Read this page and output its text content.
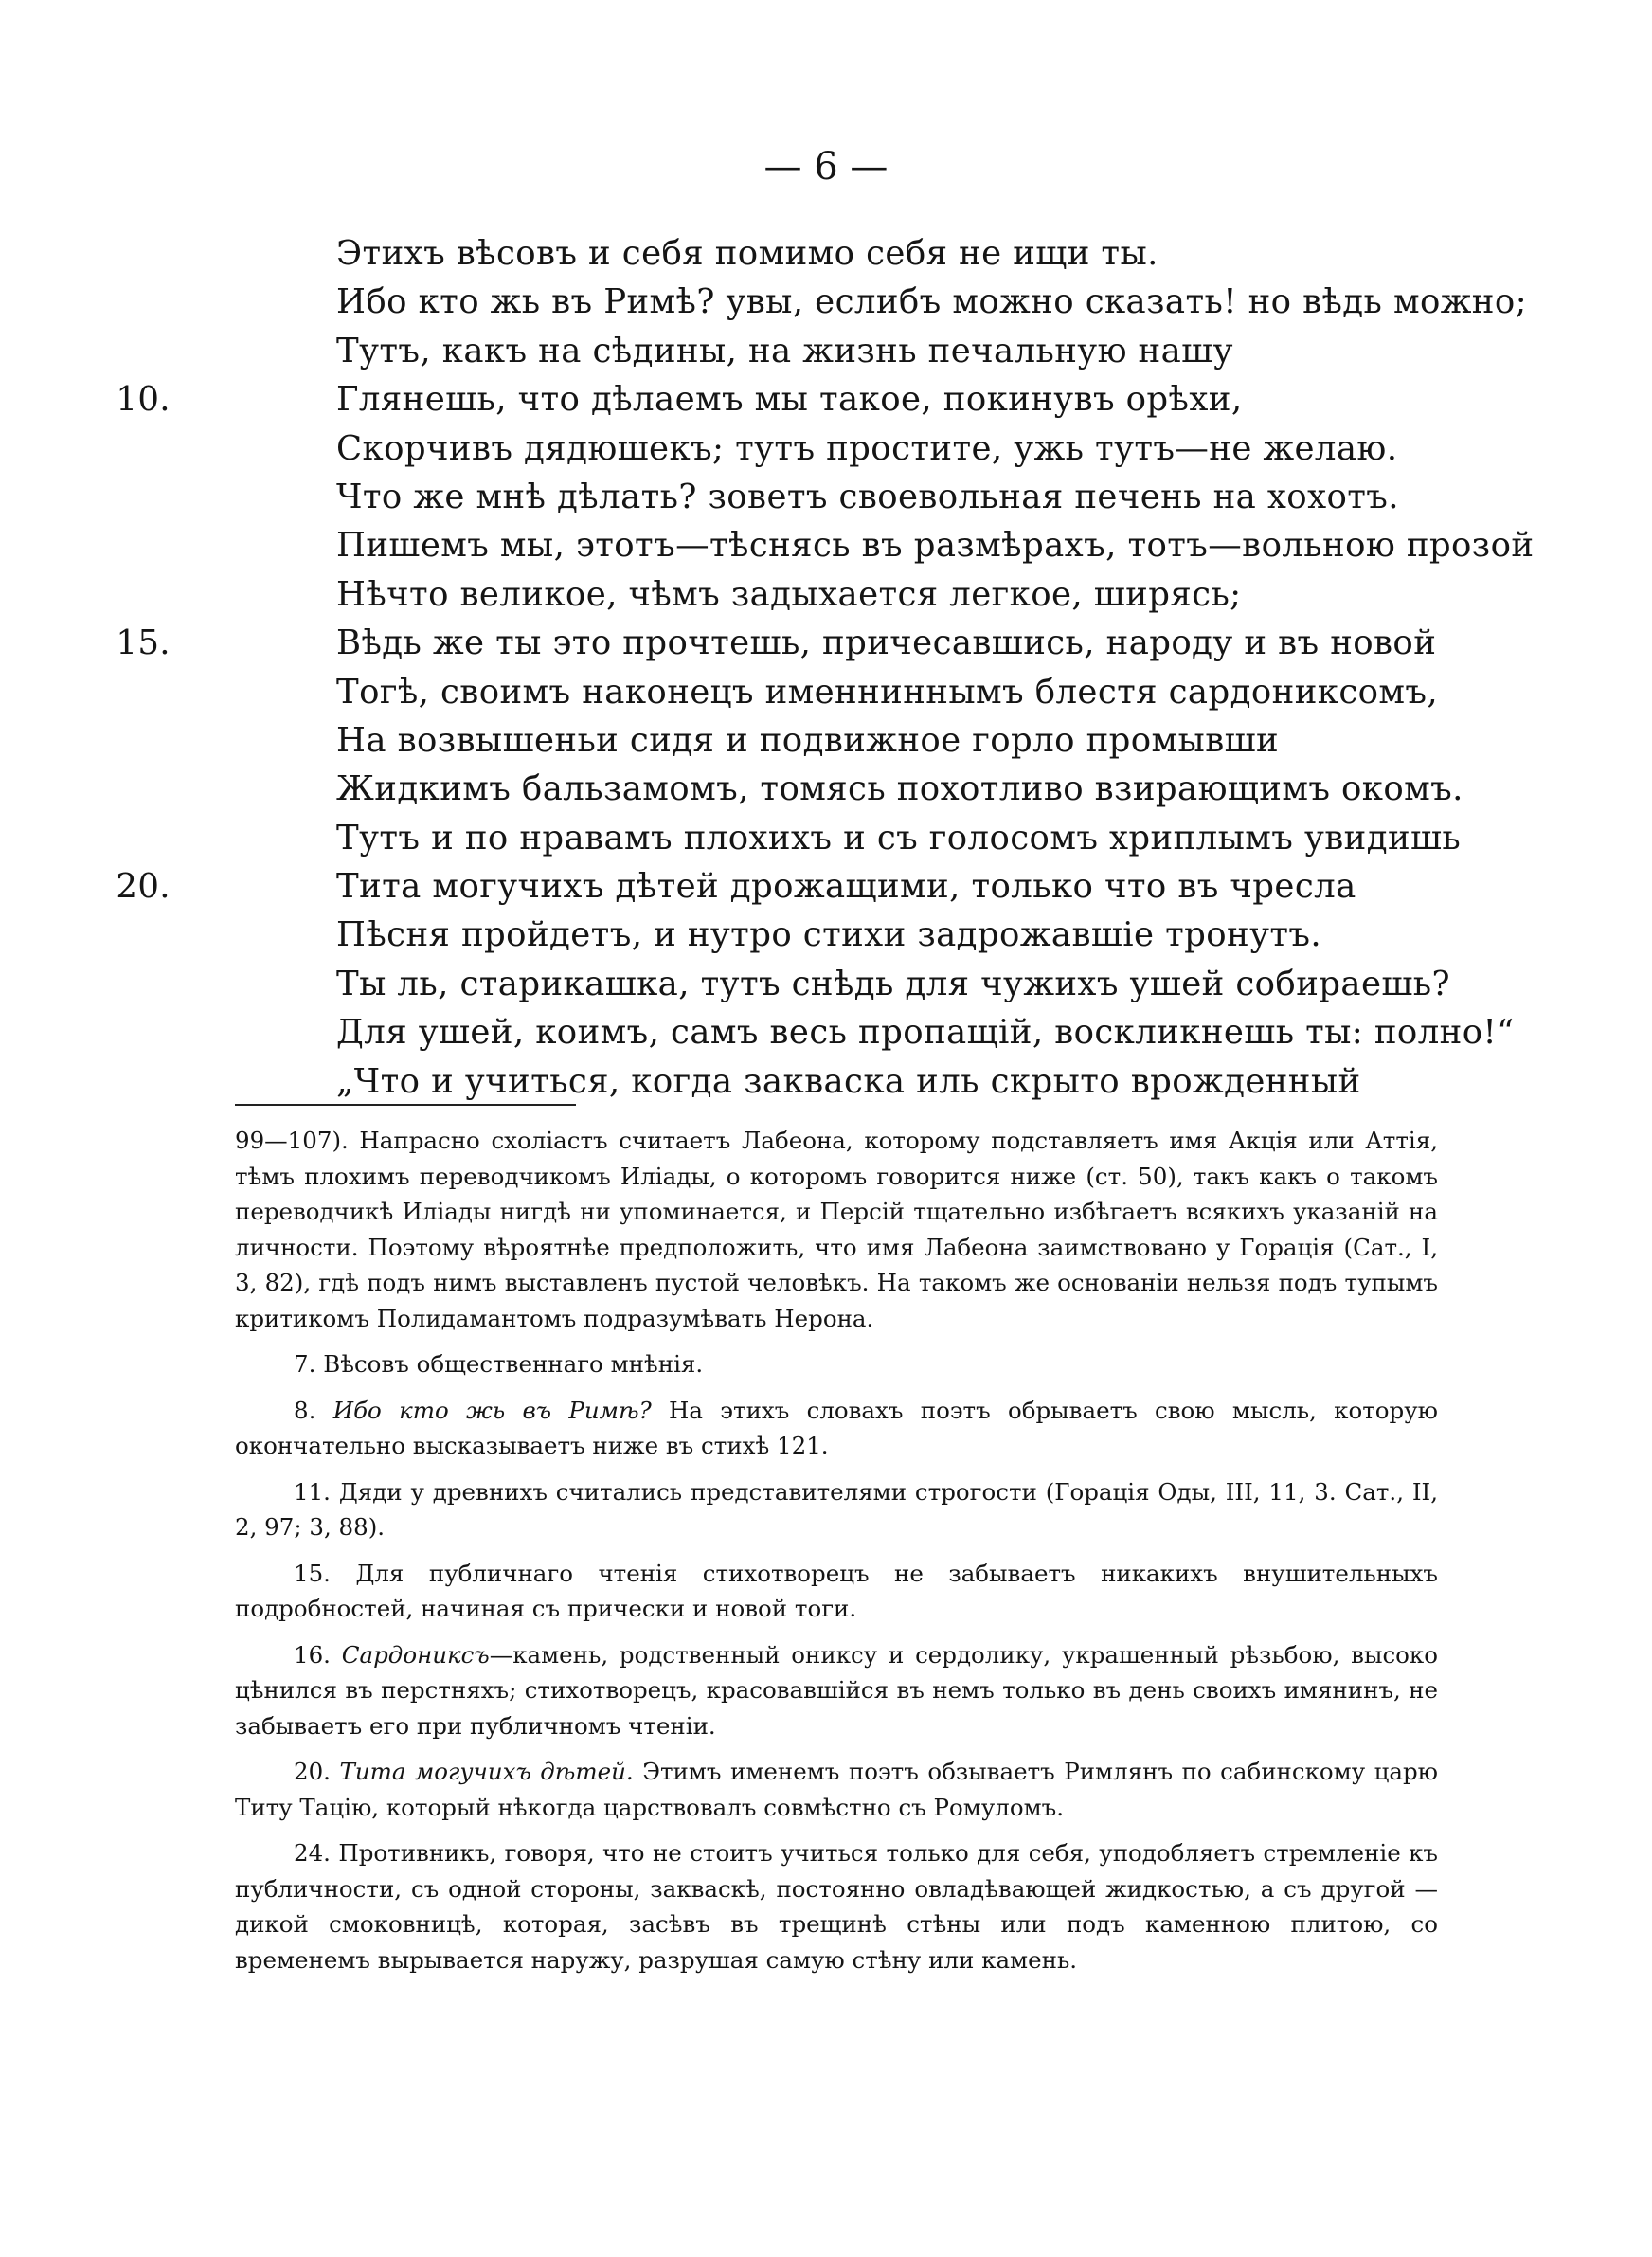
— 6 —
Этихъ вѣсовъ и себя помимо себя не ищи ты.
Ибо кто жь въ Римѣ? увы, еслибъ можно сказать! но вѣдь можно;
Тутъ, какъ на сѣдины, на жизнь печальную нашу
10.	Глянешь, что дѣлаемъ мы такое, покинувъ орѣхи,
Скорчивъ дядюшекъ; тутъ простите, ужь тутъ—не желаю.
Что же мнѣ дѣлать? зоветъ своевольная печень на хохотъ.
Пишемъ мы, этотъ—тѣснясь въ размѣрахъ, тотъ—вольною прозой
Нѣчто великое, чѣмъ задыхается легкое, ширясь;
15.	Вѣдь же ты это прочтешь, причесавшись, народу и въ новой
Тогѣ, своимъ наконецъ именниннымъ блестя сардониксомъ,
На возвышеньи сидя и подвижное горло промывши
Жидкимъ бальзамомъ, томясь похотливо взирающимъ окомъ.
Тутъ и по нравамъ плохихъ и съ голосомъ хриплымъ увидишь
20.	Тита могучихъ дѣтей дрожащими, только что въ чресла
Пѣсня пройдетъ, и нутро стихи задрожавшіе тронутъ.
Ты ль, старикашка, тутъ снѣдь для чужихъ ушей собираешь?
Для ушей, коимъ, самъ весь пропащій, воскликнешь ты: полно!“
„Что и учиться, когда закваска иль скрыто врожденный

99—107). Напрасно схоліастъ считаетъ Лабеона, которому подставляетъ имя Акція или Аттія, тѣмъ плохимъ переводчикомъ Иліады, о которомъ говорится ниже (ст. 50), такъ какъ о такомъ переводчикѣ Иліады нигдѣ ни упоминается, и Персій тщательно избѣгаетъ всякихъ указаній на личности. Поэтому вѣроятнѣе предположить, что имя Лабеона заимствовано у Горація (Сат., I, 3, 82), гдѣ подъ нимъ выставленъ пустой человѣкъ. На такомъ же основаніи нельзя подъ тупымъ критикомъ Полидамантомъ подразумѣвать Нерона.

7. Вѣсовъ общественнаго мнѣнія.

8. Ибо кто жь въ Римѣ? На этихъ словахъ поэтъ обрываетъ свою мысль, которую окончательно высказываетъ ниже въ стихѣ 121.

11. Дяди у древнихъ считались представителями строгости (Горація Оды, III, 11, 3. Сат., II, 2, 97; 3, 88).

15. Для публичнаго чтенія стихотворецъ не забываетъ никакихъ внушительныхъ подробностей, начиная съ прически и новой тоги.

16. Сардониксъ—камень, родственный ониксу и сердолику, украшенный рѣзьбою, высоко цѣнился въ перстняхъ; стихотворецъ, красовавшійся въ немъ только въ день своихъ имянинъ, не забываетъ его при публичномъ чтеніи.

20. Тита могучихъ дѣтей. Этимъ именемъ поэтъ обзываетъ Римлянъ по сабинскому царю Титу Тацію, который нѣкогда царствовалъ совмѣстно съ Ромуломъ.

24. Противникъ, говоря, что не стоитъ учиться только для себя, уподобляетъ стремленіе къ публичности, съ одной стороны, закваскѣ, постоянно овладѣвающей жидкостью, а съ другой — дикой смоковницѣ, которая, засѣвъ въ трещинѣ стѣны или подъ каменною плитою, со временемъ вырывается наружу, разрушая самую стѣну или камень.
